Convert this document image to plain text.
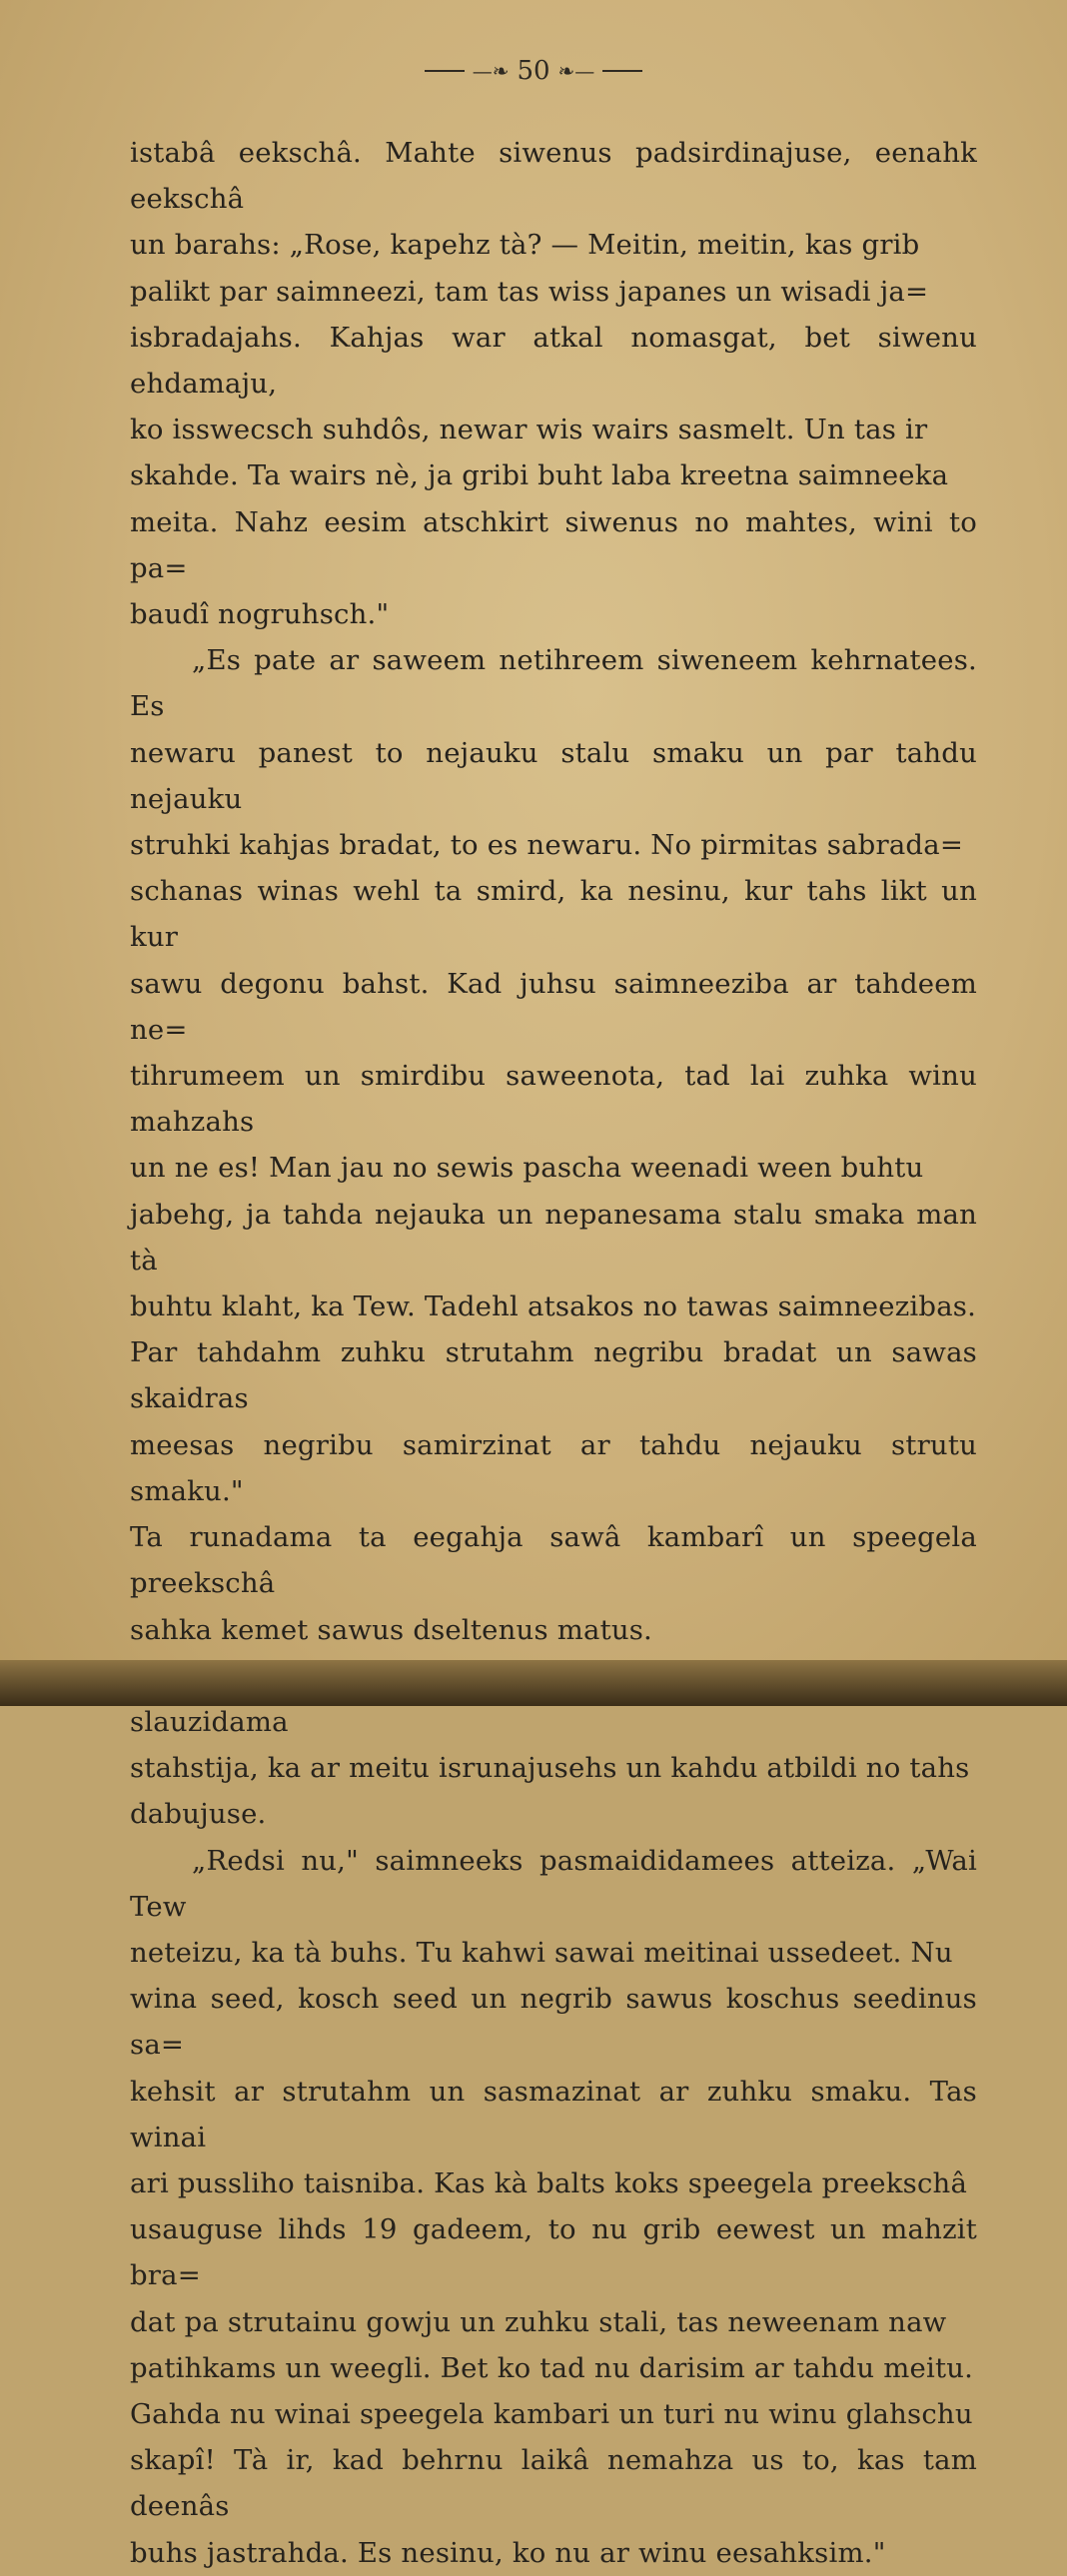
—❧ 50 ❧—

istabâ eekschâ. Mahte siwenus padsirdinajuse, eenahk eekschâ
un barahs: „Rose, kapehz tà? — Meitin, meitin, kas grib
palikt par saimneezi, tam tas wiss japanes un wisadi ja=
isbradajahs. Kahjas war atkal nomasgat, bet siwenu ehdamaju,
ko isswecsch suhdôs, newar wis wairs sasmelt. Un tas ir
skahde. Ta wairs nè, ja gribi buht laba kreetna saimneeka
meita. Nahz eesim atschkirt siwenus no mahtes, wini to pa=
baudî nogruhsch."

„Es pate ar saweem netihreem siweneem kehrnatees. Es
newaru panest to nejauku stalu smaku un par tahdu nejauku
struhki kahjas bradat, to es newaru. No pirmitas sabrada=
schanas winas wehl ta smird, ka nesinu, kur tahs likt un kur
sawu degonu bahst. Kad juhsu saimneeziba ar tahdeem ne=
tihrumeem un smirdibu saweenota, tad lai zuhka winu mahzahs
un ne es! Man jau no sewis pascha weenadi ween buhtu
jabehg, ja tahda nejauka un nepanesama stalu smaka man tà
buhtu klaht, ka Tew. Tadehl atsakos no tawas saimneezibas.
Par tahdahm zuhku strutahm negribu bradat un sawas skaidras
meesas negribu samirzinat ar tahdu nejauku strutu smaku."
Ta runadama ta eegahja sawâ kambarî un speegela preekschâ
sahka kemet sawus dseltenus matus.

slauzidama
stahstija, ka ar meitu isrunajusehs un kahdu atbildi no tahs
dabujuse.

„Redsi nu," saimneeks pasmaididamees atteiza. „Wai Tew
neteizu, ka tà buhs. Tu kahwi sawai meitinai ussedeet. Nu
wina seed, kosch seed un negrib sawus koschus seedinus sa=
kehsit ar strutahm un sasmazinat ar zuhku smaku. Tas winai
ari pussliho taisniba. Kas kà balts koks speegela preekschâ
usauguse lihds 19 gadeem, to nu grib eewest un mahzit bra=
dat pa strutainu gowju un zuhku stali, tas neweenam naw
patihkams un weegli. Bet ko tad nu darisim ar tahdu meitu.
Gahda nu winai speegela kambari un turi nu winu glahschu
skapî! Tà ir, kad behrnu laikâ nemahza us to, kas tam deenâs
buhs jastrahda. Es nesinu, ko nu ar winu eesahksim."
